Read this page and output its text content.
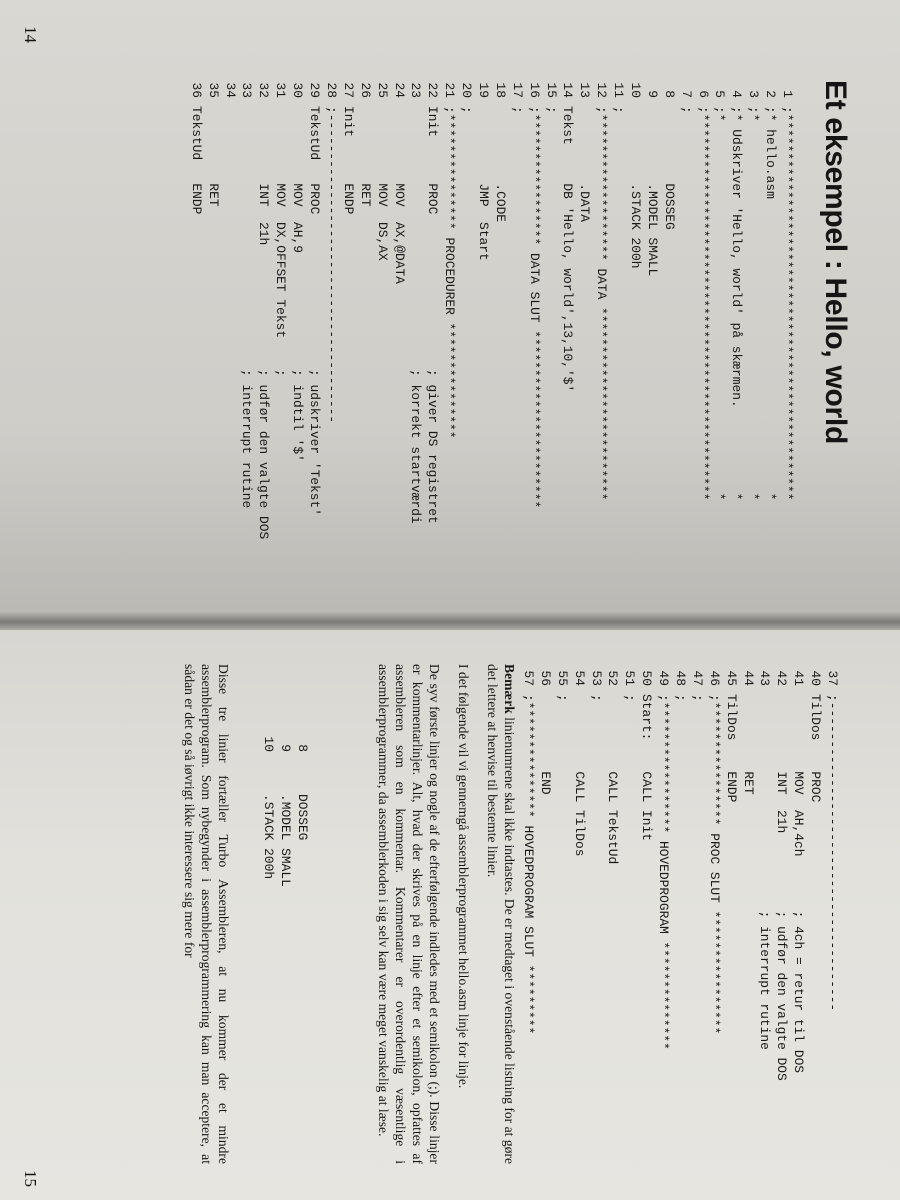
Et eksempel : Hello, world
14
1;**************************************************
2;* hello.asm                                      *
3;*                                                *
4;* Udskriver 'Hello, world' på skærmen.           *
5;*                                                *
6;**************************************************
7;
8          DOSSEG
9          .MODEL SMALL
10          .STACK 200h
11;
12;******************* DATA *************************
13          .DATA
14Tekst     DB 'Hello, world',13,10,'$'
15;
16;***************** DATA SLUT ***********************
17;
18          .CODE
19          JMP  Start
20;
21;*************** PROCEDURER ***************
22Init      PROC                    ; giver DS registret
23                                  ; korrekt startværdi
24          MOV  AX,@DATA
25          MOV  DS,AX
26          RET
27Init      ENDP
28;----------------------------------------
29TekstUd   PROC                    ; udskriver 'Tekst'
30          MOV  AH,9               ; indtil '$'
31          MOV  DX,OFFSET Tekst    ;
32          INT  21h                ; udfør den valgte DOS
33                                  ; interrupt rutine
34
35          RET
36TekstUd   ENDP
37;----------------------------------------
40TilDos    PROC
41          MOV  AH,4ch       ; 4ch = retur til DOS
42          INT  21h          ; udfør den valgte DOS
43                            ; interrupt rutine
44          RET
45TilDos    ENDP
46;**************** PROC SLUT ****************
47;
48;
49;***************** HOVEDPROGRAM **************
50Start:    CALL Init
51;
52          CALL TekstUd
53;
54          CALL TilDos
55;
56          END
57;*************** HOVEDPROGRAM SLUT *********

Bemærk linienumrene skal ikke indtastes. De er medtaget i ovenstående listning for at gøre det lettere at henvise til bestemte linier.

I det følgende vil vi gennemgå assemblerprogrammet hello.asm linje for linje.

De syv første linjer og nogle af de efterfølgende indledes med et semikolon (;). Disse linjer er kommentarlinjer. Alt, hvad der skrives på en linje efter et semikolon, opfattes af assembleren som en kommentar. Kommentarer er overordentlig væsentlige i assemblerprogrammer, da assemblerkoden i sig selv kan være meget vanskelig at læse.

8DOSSEG
9.MODEL SMALL
10.STACK 200h

Disse tre linier fortæller Turbo Assembleren, at nu kommer der et mindre assemblerprogram. Som nybegynder i assemblerprogrammering kan man acceptere, at sådan er det og så iøvrigt ikke interessere sig mere for

15
